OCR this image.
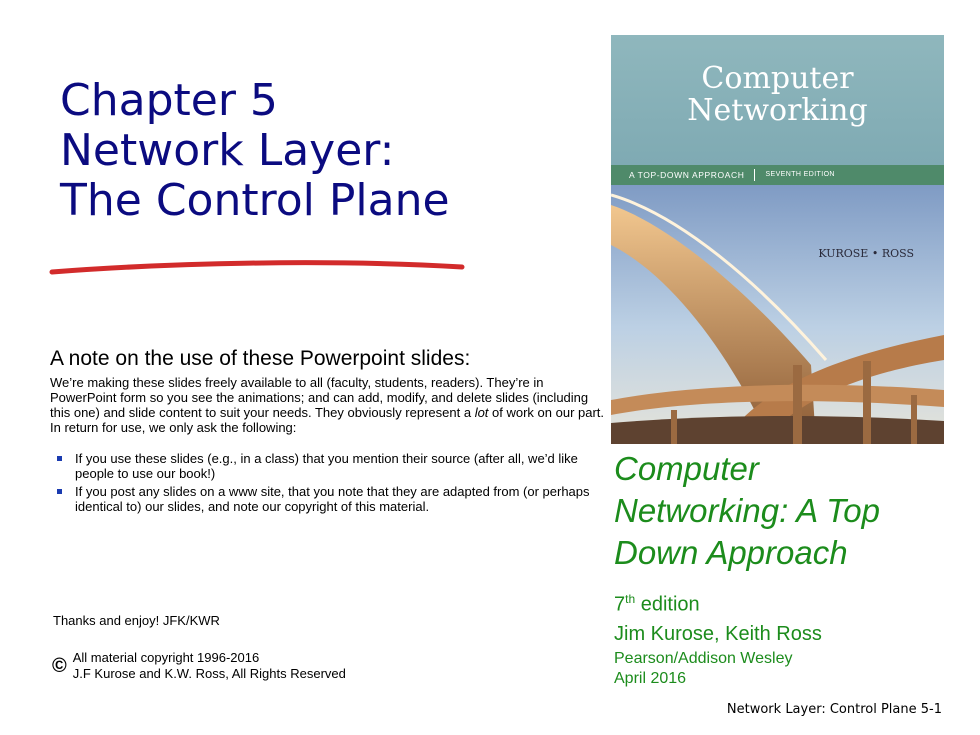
Chapter 5
Network Layer:
The Control Plane
A note on the use of these Powerpoint slides:
We’re making these slides freely available to all (faculty, students, readers). They’re in PowerPoint form so you see the animations; and can add, modify, and delete slides (including this one) and slide content to suit your needs. They obviously represent a lot of work on our part. In return for use, we only ask the following:
If you use these slides (e.g., in a class) that you mention their source (after all, we’d like people to use our book!)
If you post any slides on a www site, that you note that they are adapted from (or perhaps identical to) our slides, and note our copyright of this material.
Thanks and enjoy! JFK/KWR
© All material copyright 1996-2016
J.F Kurose and K.W. Ross, All Rights Reserved
Computer
Networking
A TOP-DOWN APPROACH	SEVENTH EDITION
KUROSE • ROSS
Computer
Networking: A Top
Down Approach
7th edition
Jim Kurose, Keith Ross
Pearson/Addison Wesley
April 2016
Network Layer: Control Plane 5-1
